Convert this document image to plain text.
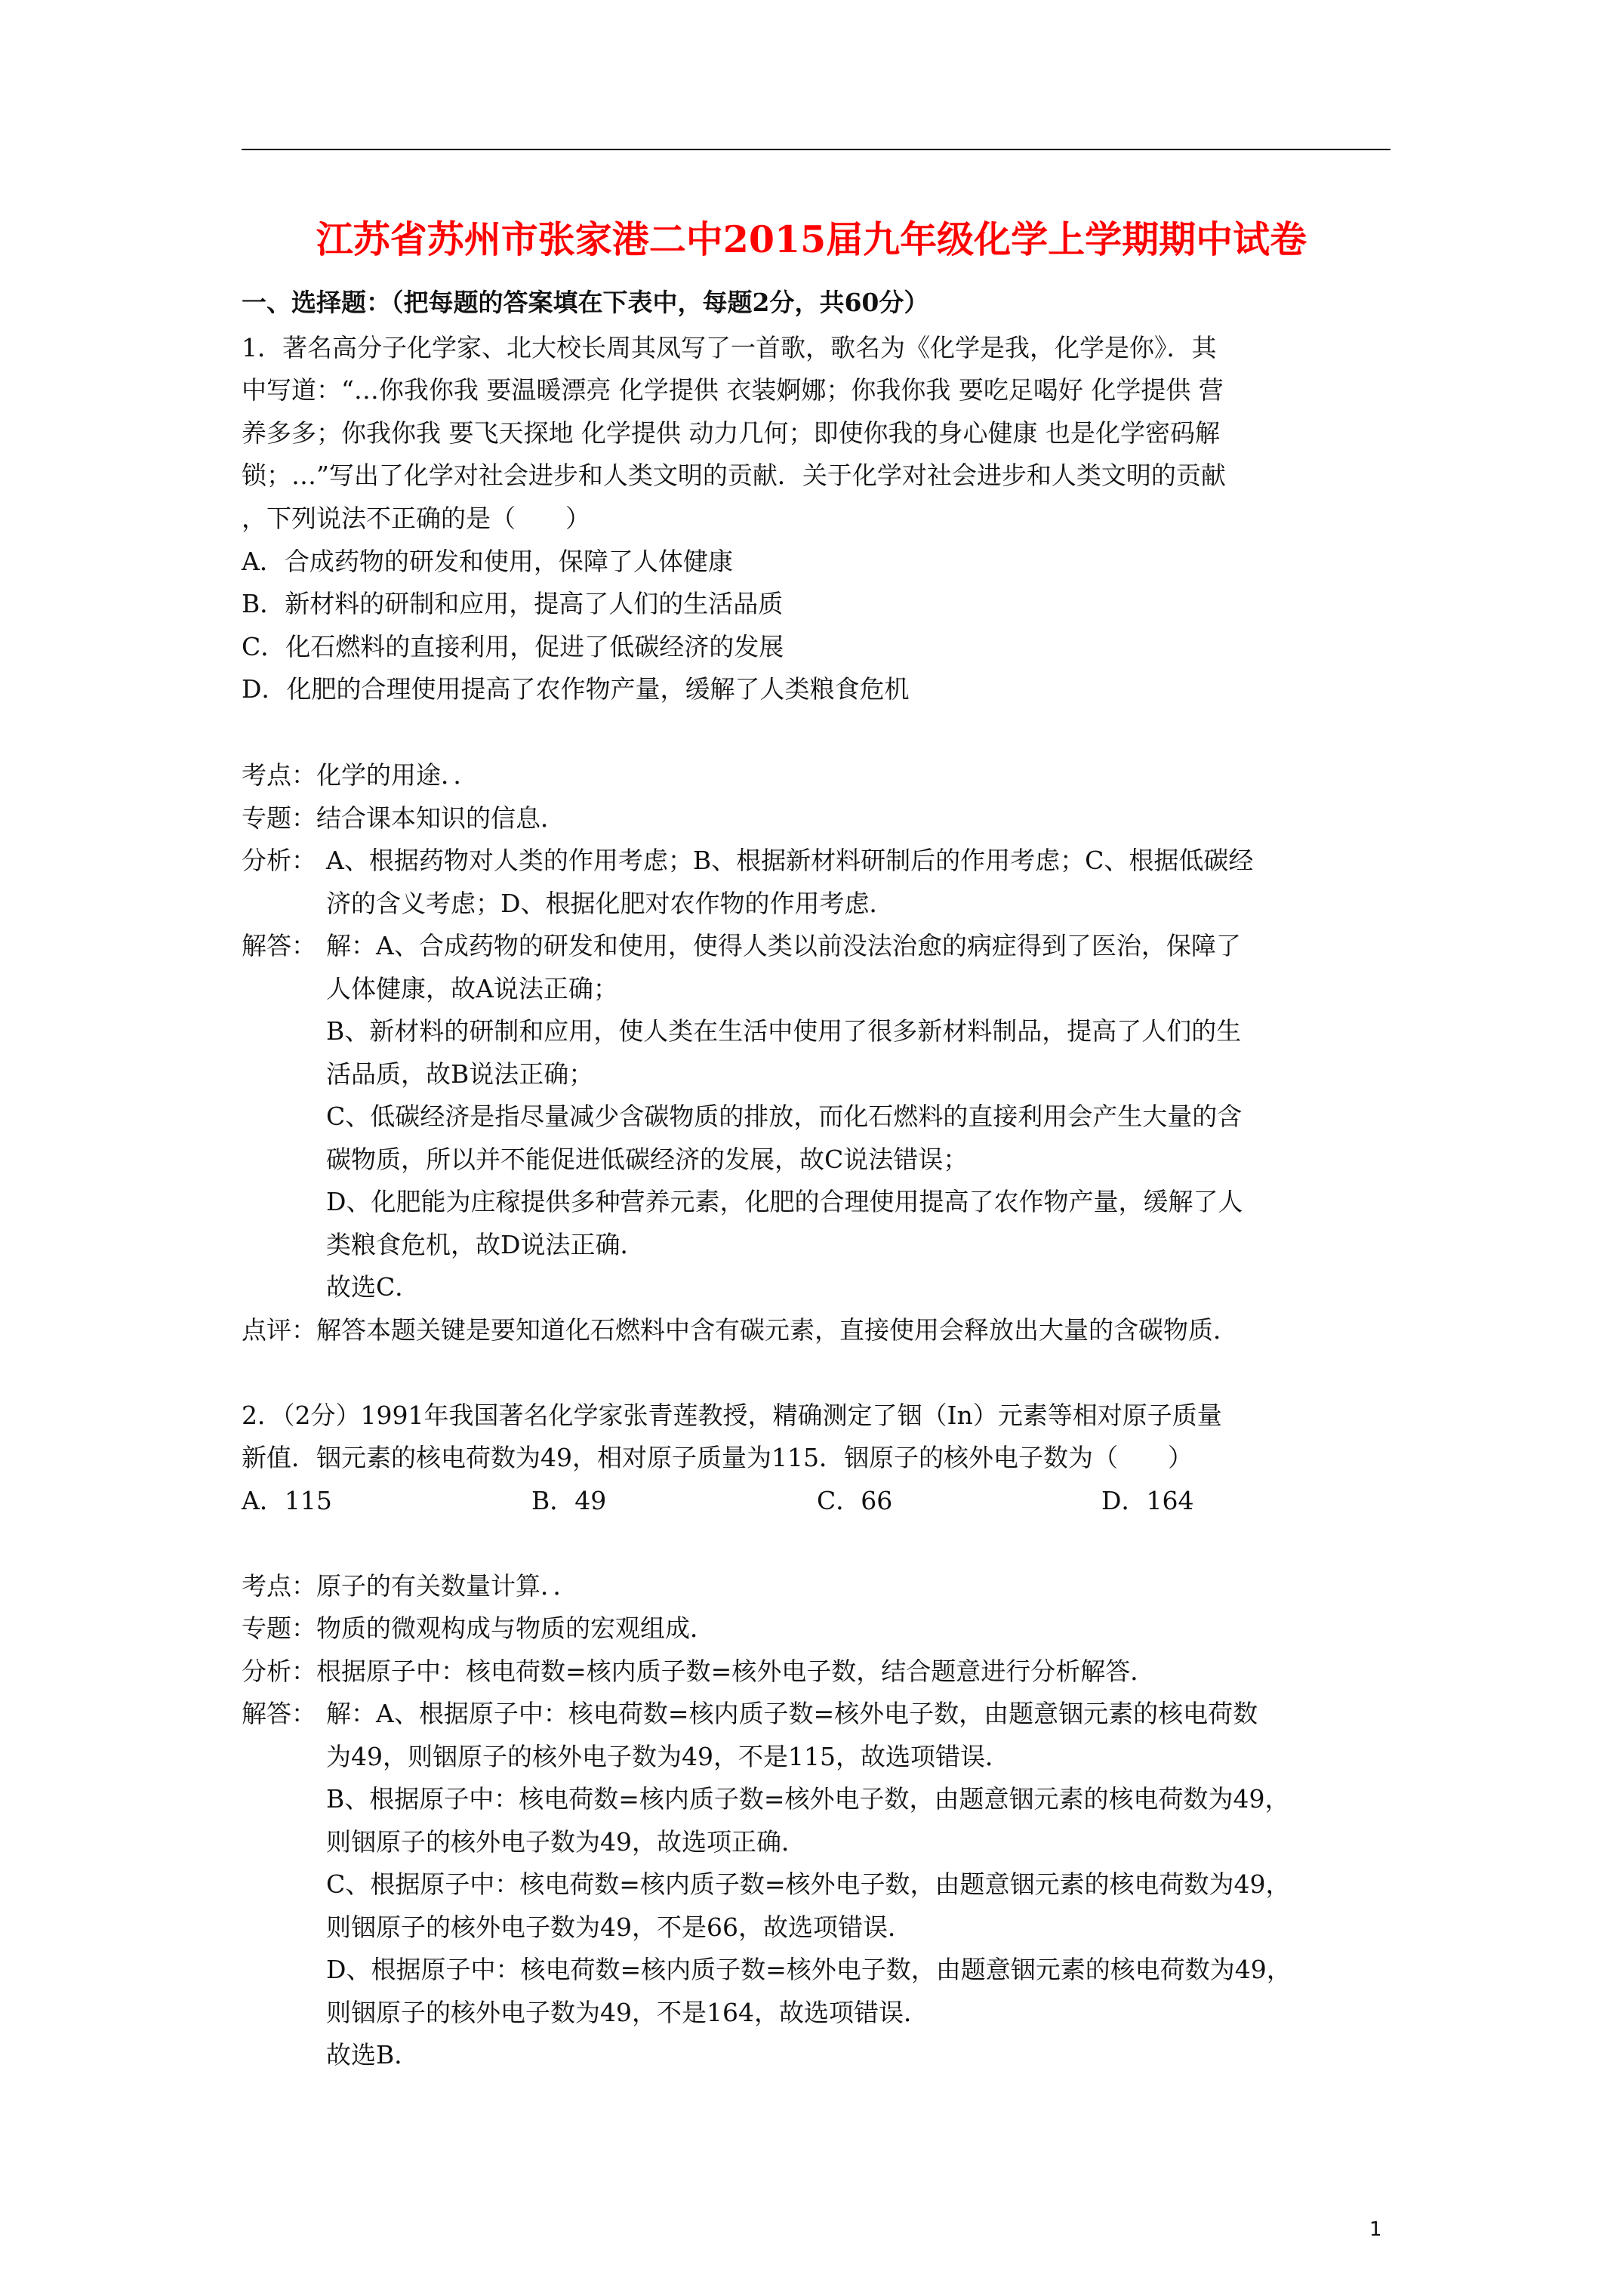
江苏省苏州市张家港二中2015届九年级化学上学期期中试卷
一、选择题：（把每题的答案填在下表中，每题2分，共60分）
1．著名高分子化学家、北大校长周其凤写了一首歌，歌名为《化学是我，化学是你》．其
中写道：“…你我你我 要温暖漂亮 化学提供 衣装婀娜；你我你我 要吃足喝好 化学提供 营
养多多；你我你我 要飞天探地 化学提供 动力几何；即使你我的身心健康 也是化学密码解
锁；…”写出了化学对社会进步和人类文明的贡献．关于化学对社会进步和人类文明的贡献
，下列说法不正确的是（　　）
A．合成药物的研发和使用，保障了人体健康
B．新材料的研制和应用，提高了人们的生活品质
C．化石燃料的直接利用，促进了低碳经济的发展
D．化肥的合理使用提高了农作物产量，缓解了人类粮食危机
考点：化学的用途．．
专题：结合课本知识的信息．
分析： A、根据药物对人类的作用考虑；B、根据新材料研制后的作用考虑；C、根据低碳经
济的含义考虑；D、根据化肥对农作物的作用考虑．
解答： 解：A、合成药物的研发和使用，使得人类以前没法治愈的病症得到了医治，保障了
人体健康，故A说法正确；
B、新材料的研制和应用，使人类在生活中使用了很多新材料制品，提高了人们的生
活品质，故B说法正确；
C、低碳经济是指尽量减少含碳物质的排放，而化石燃料的直接利用会产生大量的含
碳物质，所以并不能促进低碳经济的发展，故C说法错误；
D、化肥能为庄稼提供多种营养元素，化肥的合理使用提高了农作物产量，缓解了人
类粮食危机，故D说法正确．
故选C．
点评：解答本题关键是要知道化石燃料中含有碳元素，直接使用会释放出大量的含碳物质．
2．（2分）1991年我国著名化学家张青莲教授，精确测定了铟（In）元素等相对原子质量
新值．铟元素的核电荷数为49，相对原子质量为115．铟原子的核外电子数为（　　）
A．115	B．49	C．66	D．164
考点：原子的有关数量计算．．
专题：物质的微观构成与物质的宏观组成．
分析：根据原子中：核电荷数=核内质子数=核外电子数，结合题意进行分析解答．
解答： 解：A、根据原子中：核电荷数=核内质子数=核外电子数，由题意铟元素的核电荷数
为49，则铟原子的核外电子数为49，不是115，故选项错误．
B、根据原子中：核电荷数=核内质子数=核外电子数，由题意铟元素的核电荷数为49，
则铟原子的核外电子数为49，故选项正确．
C、根据原子中：核电荷数=核内质子数=核外电子数，由题意铟元素的核电荷数为49，
则铟原子的核外电子数为49，不是66，故选项错误．
D、根据原子中：核电荷数=核内质子数=核外电子数，由题意铟元素的核电荷数为49，
则铟原子的核外电子数为49，不是164，故选项错误．
故选B．
1
